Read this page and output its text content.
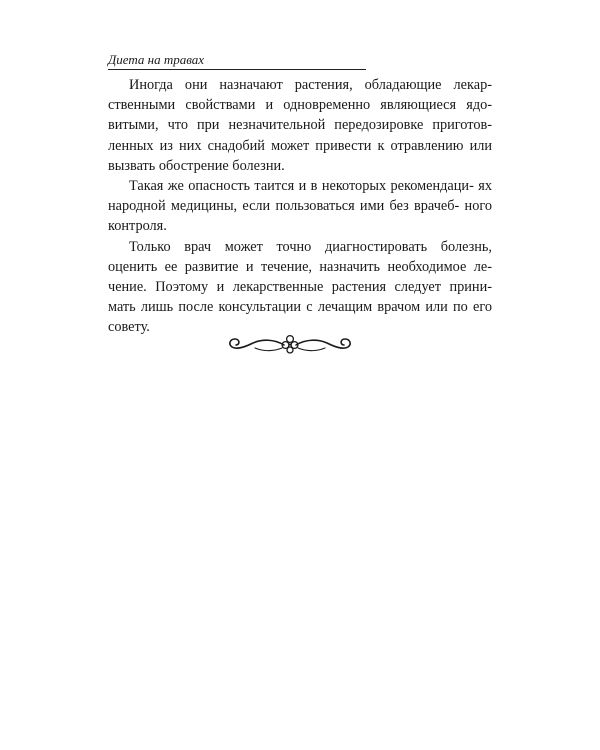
Диета на травах

Иногда они назначают растения, обладающие лекар- ственными свойствами и одновременно являющиеся ядо- витыми, что при незначительной передозировке приготов- ленных из них снадобий может привести к отравлению или вызвать обострение болезни.

Такая же опасность таится и в некоторых рекомендаци- ях народной медицины, если пользоваться ими без врачеб- ного контроля.

Только врач может точно диагностировать болезнь, оценить ее развитие и течение, назначить необходимое ле- чение. Поэтому и лекарственные растения следует прини- мать лишь после консультации с лечащим врачом или по его совету.
